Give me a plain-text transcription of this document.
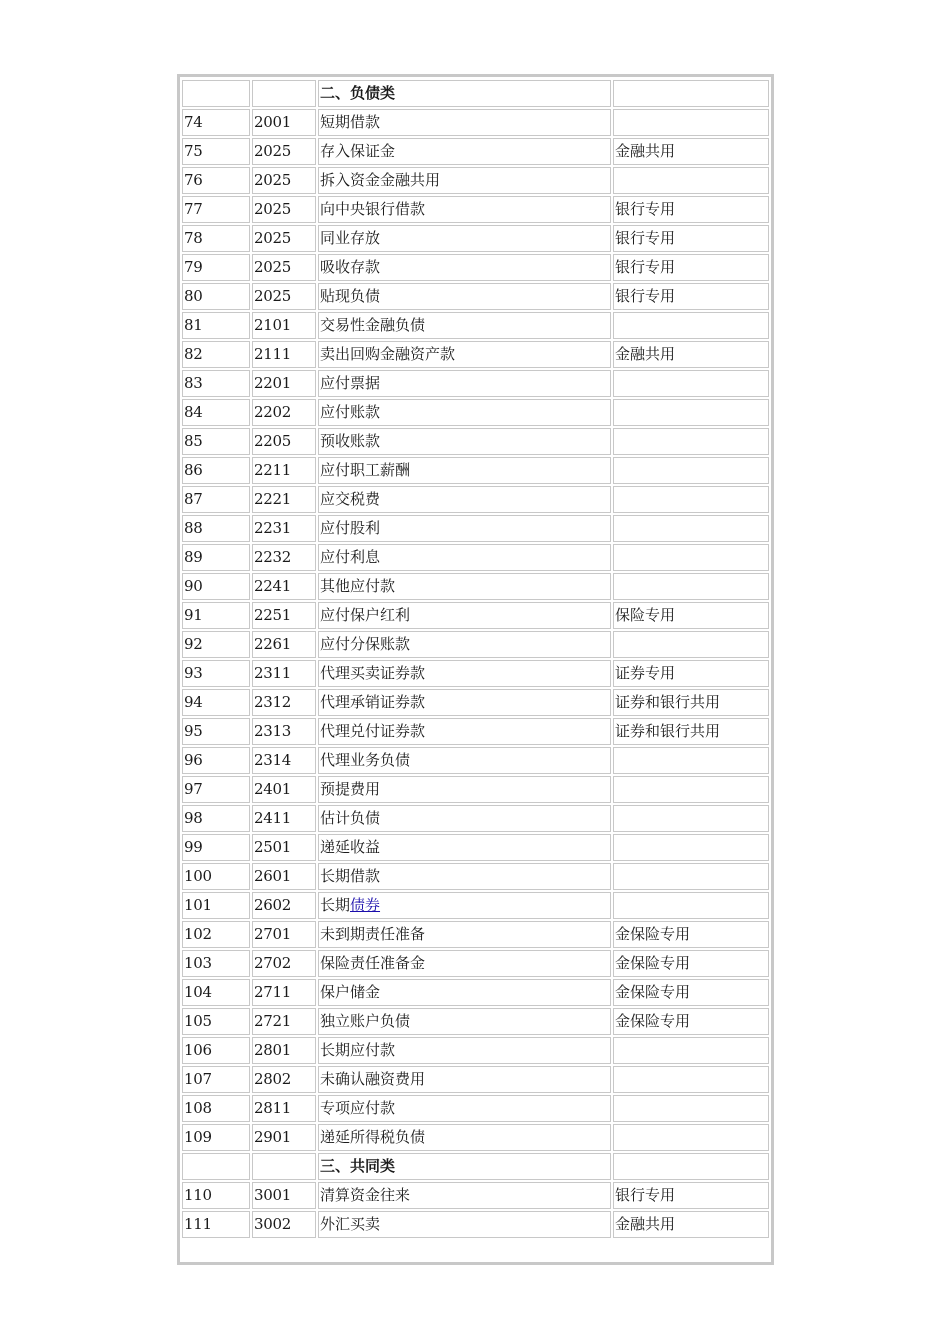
		二、负债类	
74	2001	短期借款	
75	2025	存入保证金	金融共用
76	2025	拆入资金金融共用	
77	2025	向中央银行借款	银行专用
78	2025	同业存放	银行专用
79	2025	吸收存款	银行专用
80	2025	贴现负债	银行专用
81	2101	交易性金融负债	
82	2111	卖出回购金融资产款	金融共用
83	2201	应付票据	
84	2202	应付账款	
85	2205	预收账款	
86	2211	应付职工薪酬	
87	2221	应交税费	
88	2231	应付股利	
89	2232	应付利息	
90	2241	其他应付款	
91	2251	应付保户红利	保险专用
92	2261	应付分保账款	
93	2311	代理买卖证券款	证券专用
94	2312	代理承销证券款	证券和银行共用
95	2313	代理兑付证券款	证券和银行共用
96	2314	代理业务负债	
97	2401	预提费用	
98	2411	估计负债	
99	2501	递延收益	
100	2601	长期借款	
101	2602	长期债券	
102	2701	未到期责任准备	金保险专用
103	2702	保险责任准备金	金保险专用
104	2711	保户储金	金保险专用
105	2721	独立账户负债	金保险专用
106	2801	长期应付款	
107	2802	未确认融资费用	
108	2811	专项应付款	
109	2901	递延所得税负债	
		三、共同类	
110	3001	清算资金往来	银行专用
111	3002	外汇买卖	金融共用
